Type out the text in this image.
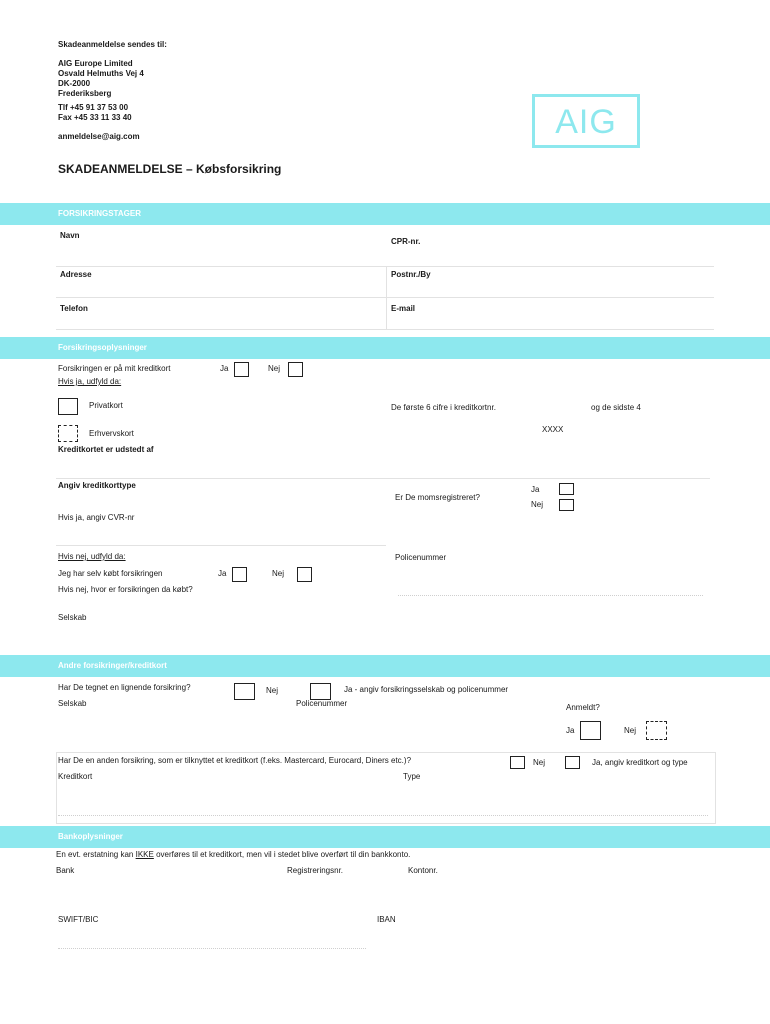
Skadeanmeldelse sendes til:
AIG Europe Limited
Osvald Helmuths Vej 4
DK-2000
Frederiksberg
Tlf +45 91 37 53 00
Fax +45 33 11 33 40
anmeldelse@aig.com	AIG
SKADEANMELDELSE – Købsforsikring
FORSIKRINGSTAGER
Navn
CPR-nr.
Adresse	Postnr./By
Telefon	E-mail
Forsikringsoplysninger
Forsikringen er på mit kreditkort	Ja	Nej
Hvis ja, udfyld da:
Privatkort	De første 6 cifre i kreditkortnr.	og de sidste 4
XXXX
Erhvervskort
Kreditkortet er udstedt af
Angiv kreditkorttype
Er De momsregistreret?
Ja
Nej
Hvis ja, angiv CVR-nr
Hvis nej, udfyld da:	Policenummer
Jeg har selv købt forsikringen	Ja	Nej
Hvis nej, hvor er forsikringen da købt?
Selskab
Andre forsikringer/kreditkort
Har De tegnet en lignende forsikring?	Nej	Ja - angiv forsikringsselskab og policenummer
Selskab	Policenummer	Anmeldt?
Ja	Nej
Har De en anden forsikring, som er tilknyttet et kreditkort (f.eks. Mastercard, Eurocard, Diners etc.)?	Nej	Ja, angiv kreditkort og type
Kreditkort	Type
Bankoplysninger
En evt. erstatning kan IKKE overføres til et kreditkort, men vil i stedet blive overført til din bankkonto.
Bank	Registreringsnr.	Kontonr.
SWIFT/BIC	IBAN
